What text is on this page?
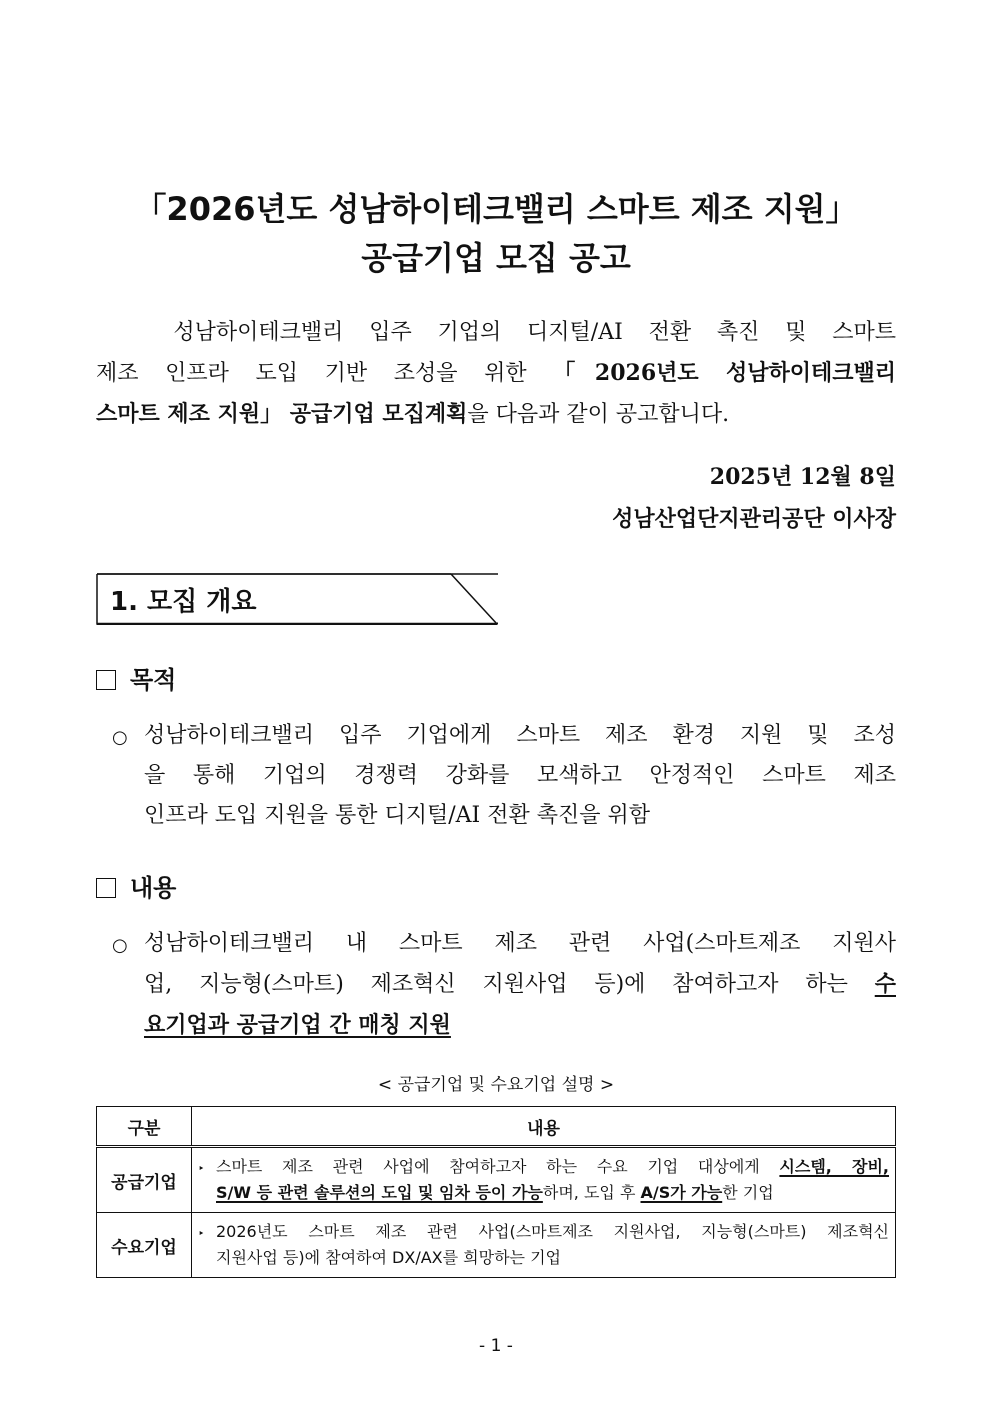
「2026년도 성남하이테크밸리 스마트 제조 지원」
공급기업 모집 공고
성남하이테크밸리 입주 기업의 디지털/AI 전환 촉진 및 스마트
제조 인프라 도입 기반 조성을 위한 「2026년도 성남하이테크밸리
스마트 제조 지원」 공급기업 모집계획을 다음과 같이 공고합니다.
2025년 12월 8일
성남산업단지관리공단 이사장
1. 모집 개요
목적
○ 성남하이테크밸리 입주 기업에게 스마트 제조 환경 지원 및 조성
을 통해 기업의 경쟁력 강화를 모색하고 안정적인 스마트 제조
인프라 도입 지원을 통한 디지털/AI 전환 촉진을 위함
내용
○ 성남하이테크밸리 내 스마트 제조 관련 사업(스마트제조 지원사
업, 지능형(스마트) 제조혁신 지원사업 등)에 참여하고자 하는 수
요기업과 공급기업 간 매칭 지원
< 공급기업 및 수요기업 설명 >
구분	내용
공급기업	‣ 스마트 제조 관련 사업에 참여하고자 하는 수요 기업 대상에게 시스템, 장비,
S/W 등 관련 솔루션의 도입 및 임차 등이 가능하며, 도입 후 A/S가 가능한 기업

수요기업	‣ 2026년도 스마트 제조 관련 사업(스마트제조 지원사업, 지능형(스마트) 제조혁신
지원사업 등)에 참여하여 DX/AX를 희망하는 기업
- 1 -
